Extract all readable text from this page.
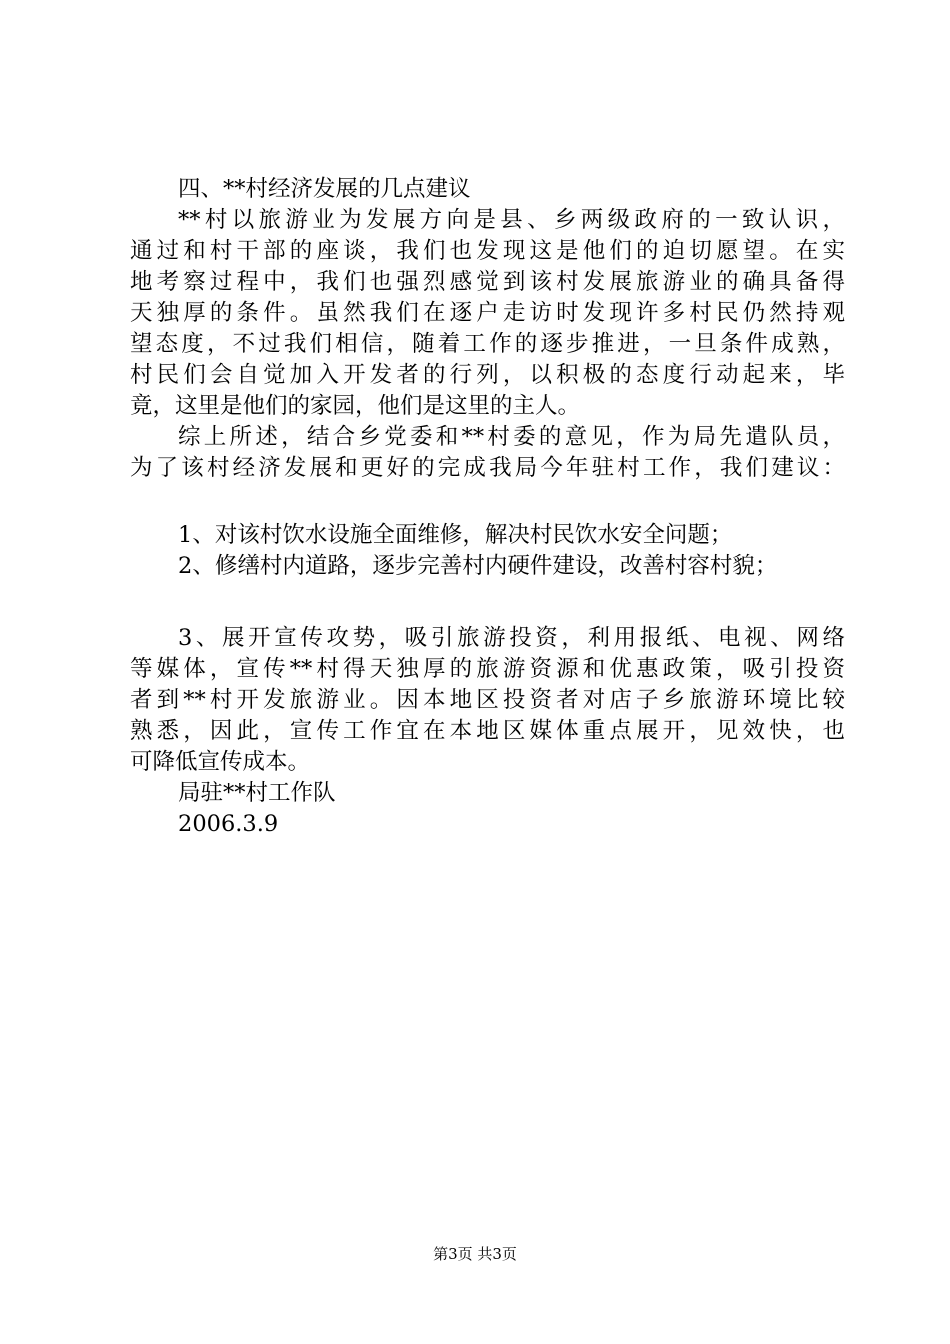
四、**村经济发展的几点建议
**村以旅游业为发展方向是县、乡两级政府的一致认识，
通过和村干部的座谈，我们也发现这是他们的迫切愿望。在实
地考察过程中，我们也强烈感觉到该村发展旅游业的确具备得
天独厚的条件。虽然我们在逐户走访时发现许多村民仍然持观
望态度，不过我们相信，随着工作的逐步推进，一旦条件成熟，
村民们会自觉加入开发者的行列，以积极的态度行动起来，毕
竟，这里是他们的家园，他们是这里的主人。
综上所述，结合乡党委和**村委的意见，作为局先遣队员，
为了该村经济发展和更好的完成我局今年驻村工作，我们建议：
1、对该村饮水设施全面维修，解决村民饮水安全问题；
2、修缮村内道路，逐步完善村内硬件建设，改善村容村貌；
3、展开宣传攻势，吸引旅游投资，利用报纸、电视、网络
等媒体，宣传**村得天独厚的旅游资源和优惠政策，吸引投资
者到**村开发旅游业。因本地区投资者对店子乡旅游环境比较
熟悉，因此，宣传工作宜在本地区媒体重点展开，见效快，也
可降低宣传成本。
局驻**村工作队
2006.3.9
第3页 共3页
